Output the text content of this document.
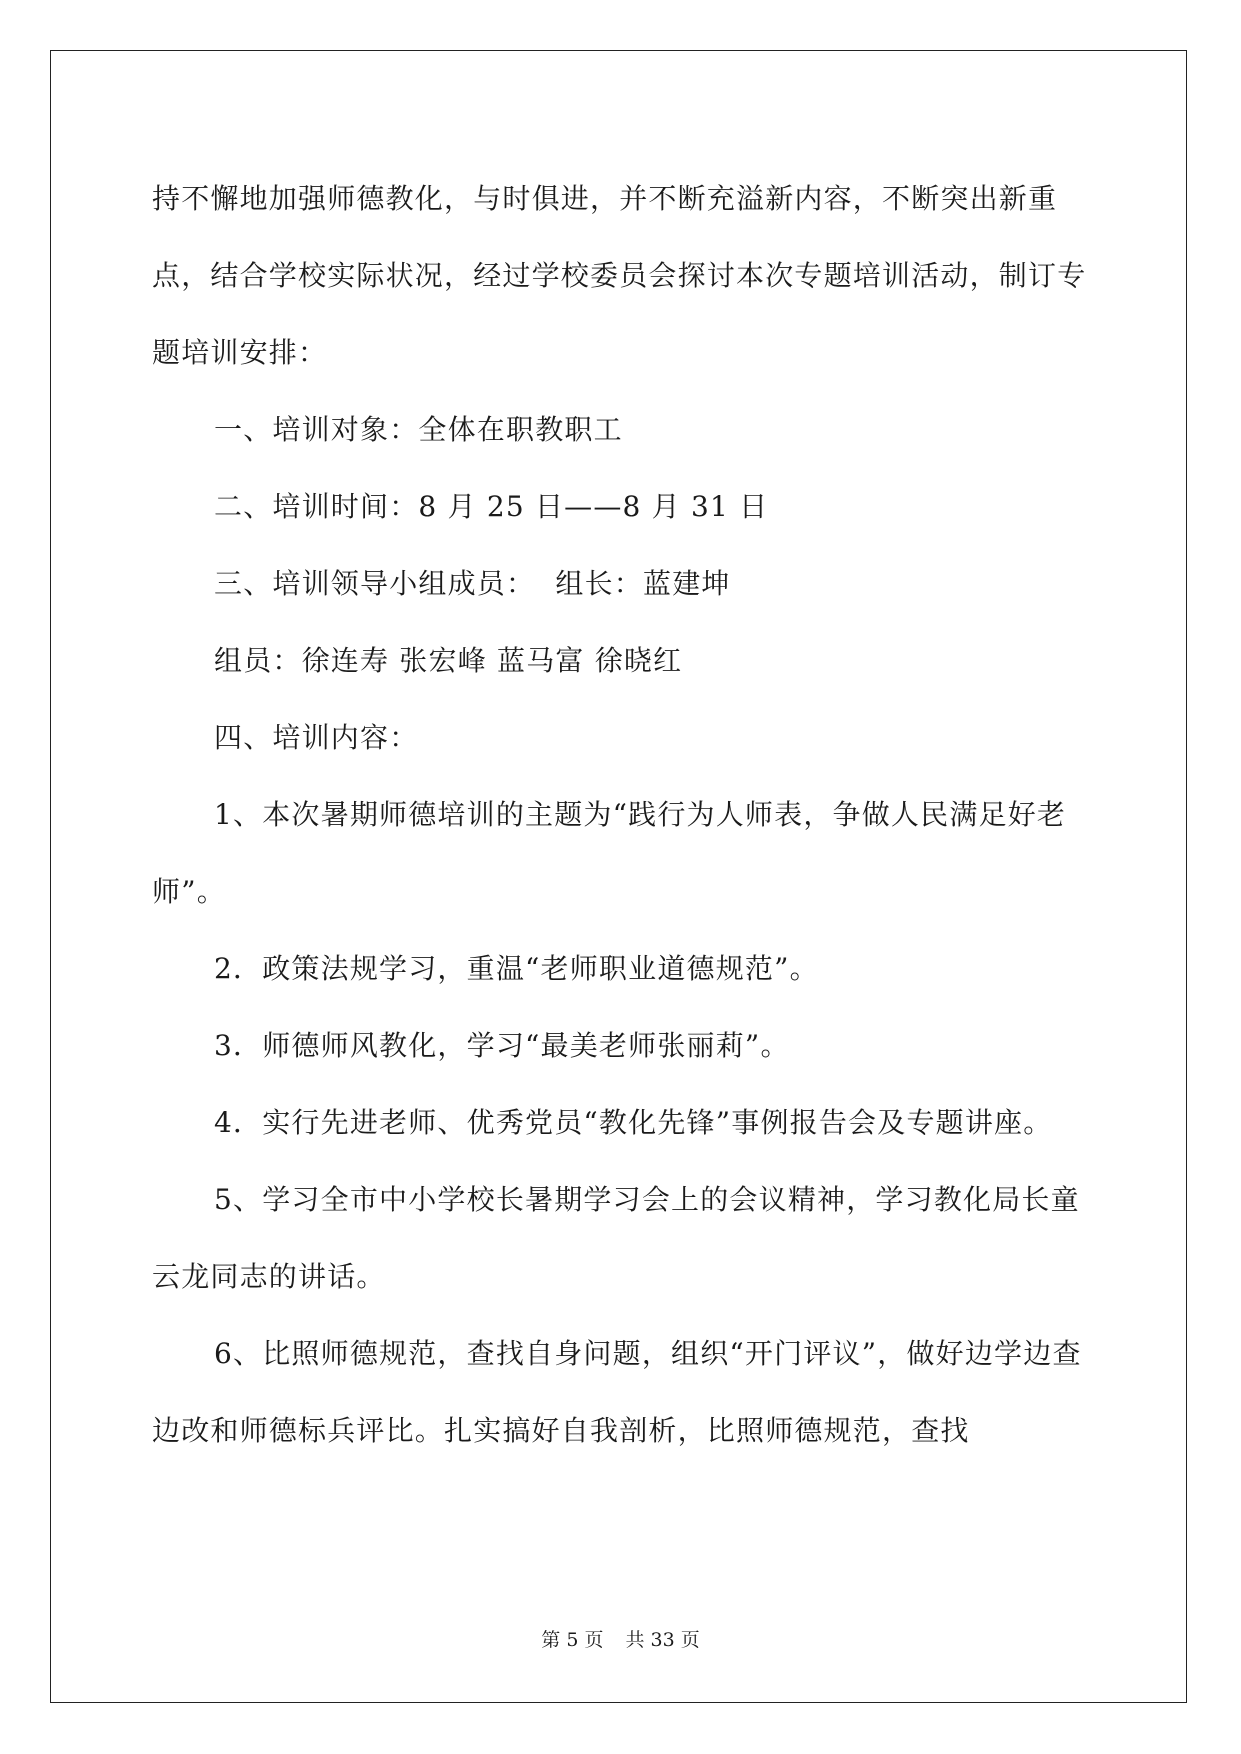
持不懈地加强师德教化，与时俱进，并不断充溢新内容，不断突出新重点，结合学校实际状况，经过学校委员会探讨本次专题培训活动，制订专题培训安排：

一、培训对象：全体在职教职工

二、培训时间：8 月 25 日——8 月 31 日

三、培训领导小组成员：  组长：蓝建坤

组员：徐连寿 张宏峰 蓝马富 徐晓红

四、培训内容：

1、本次暑期师德培训的主题为“践行为人师表，争做人民满足好老师”。

2．政策法规学习，重温“老师职业道德规范”。

3．师德师风教化，学习“最美老师张丽莉”。

4．实行先进老师、优秀党员“教化先锋”事例报告会及专题讲座。

5、学习全市中小学校长暑期学习会上的会议精神，学习教化局长童云龙同志的讲话。

6、比照师德规范，查找自身问题，组织“开门评议”，做好边学边查边改和师德标兵评比。扎实搞好自我剖析，比照师德规范，查找

第 5 页 共 33 页
